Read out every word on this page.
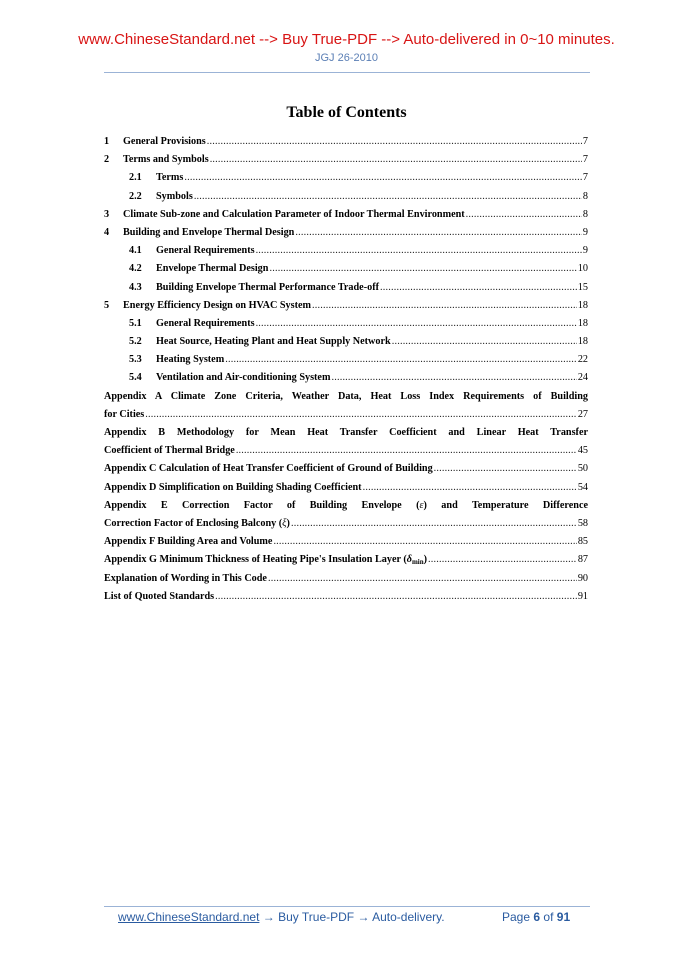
www.ChineseStandard.net --> Buy True-PDF --> Auto-delivered in 0~10 minutes.
JGJ 26-2010
Table of Contents
1	General Provisions .....	7
2	Terms and Symbols .....	7
2.1	Terms .....	7
2.2	Symbols .....	8
3	Climate Sub-zone and Calculation Parameter of Indoor Thermal Environment .....	8
4	Building and Envelope Thermal Design .....	9
4.1	General Requirements .....	9
4.2	Envelope Thermal Design .....	10
4.3	Building Envelope Thermal Performance Trade-off .....	15
5	Energy Efficiency Design on HVAC System .....	18
5.1	General Requirements .....	18
5.2	Heat Source, Heating Plant and Heat Supply Network .....	18
5.3	Heating System .....	22
5.4	Ventilation and Air-conditioning System .....	24
Appendix A Climate Zone Criteria, Weather Data, Heat Loss Index Requirements of Building
for Cities .....	27
Appendix B Methodology for Mean Heat Transfer Coefficient and Linear Heat Transfer
Coefficient of Thermal Bridge .....	45
Appendix C Calculation of Heat Transfer Coefficient of Ground of Building .....	50
Appendix D Simplification on Building Shading Coefficient .....	54
Appendix E Correction Factor of Building Envelope (ε) and Temperature Difference
Correction Factor of Enclosing Balcony (ξ) .....	58
Appendix F Building Area and Volume .....	85
Appendix G Minimum Thickness of Heating Pipe's Insulation Layer $(\delta_{min})$ .....	87
Explanation of Wording in This Code .....	90
List of Quoted Standards .....	91
www.ChineseStandard.net → Buy True-PDF → Auto-delivery.	Page 6 of 91
